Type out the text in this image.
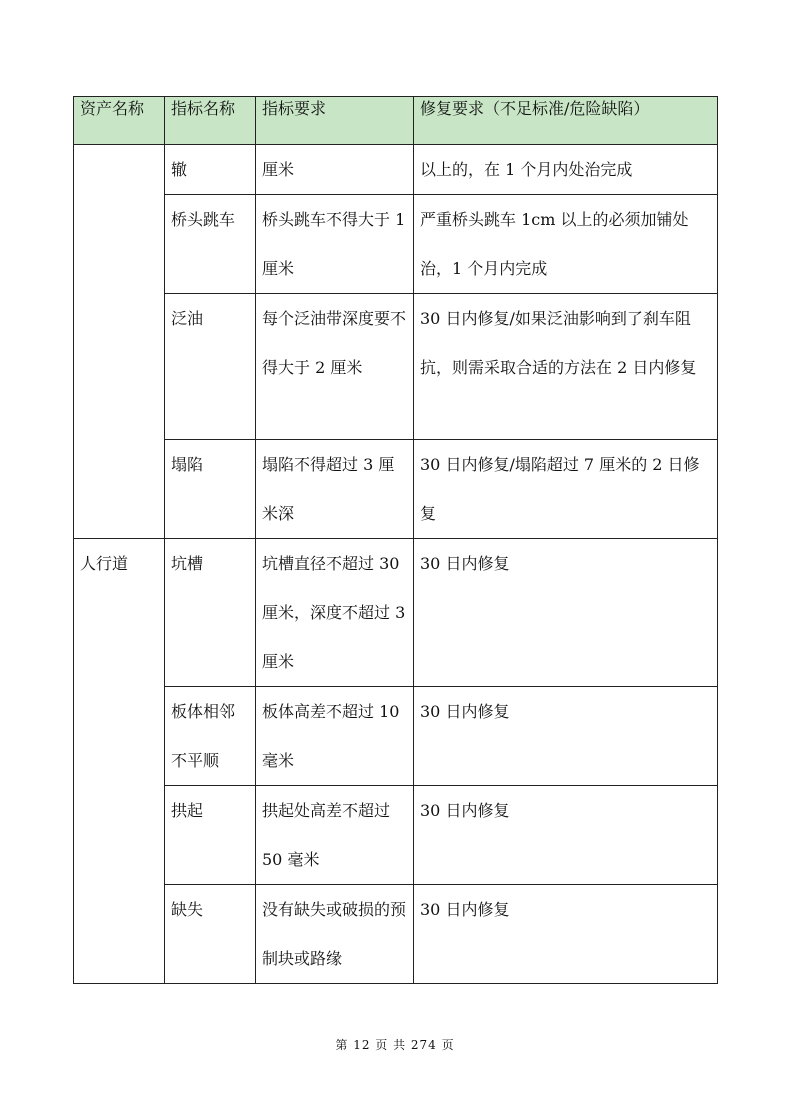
资产名称	指标名称	指标要求	修复要求（不足标准/危险缺陷）
	辙	厘米	以上的，在 1 个月内处治完成
	桥头跳车	桥头跳车不得大于 1 厘米	严重桥头跳车 1cm 以上的必须加铺处治，1 个月内完成
	泛油	每个泛油带深度要不得大于 2 厘米	30 日内修复/如果泛油影响到了刹车阻抗，则需采取合适的方法在 2 日内修复
	塌陷	塌陷不得超过 3 厘米深	30 日内修复/塌陷超过 7 厘米的 2 日修复
人行道	坑槽	坑槽直径不超过 30 厘米，深度不超过 3 厘米	30 日内修复
	板体相邻不平顺	板体高差不超过 10 毫米	30 日内修复
	拱起	拱起处高差不超过 50 毫米	30 日内修复
	缺失	没有缺失或破损的预制块或路缘	30 日内修复
第 12 页 共 274 页
